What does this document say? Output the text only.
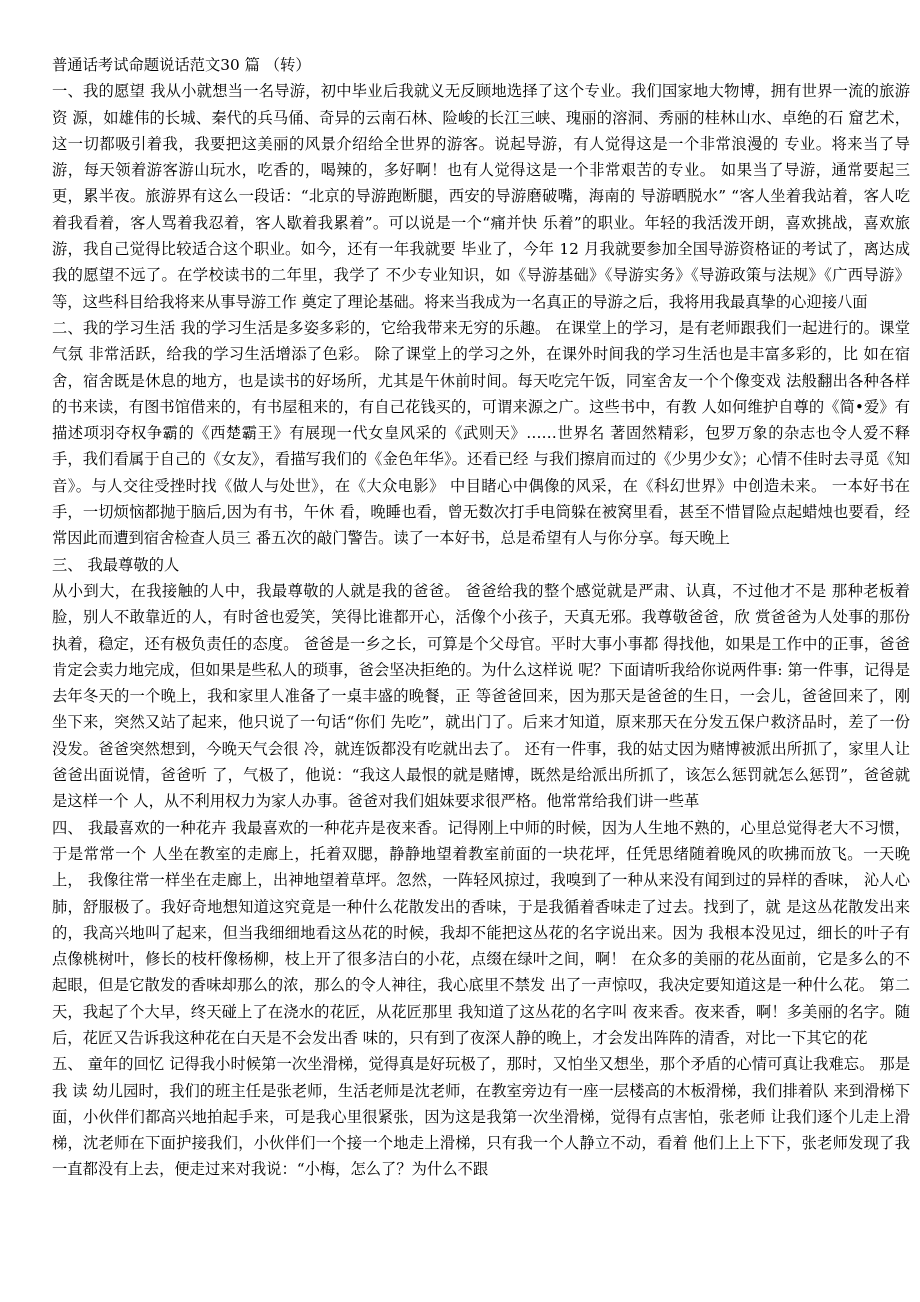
普通话考试命题说话范文30 篇 （转）

一、我的愿望 我从小就想当一名导游，初中毕业后我就义无反顾地选择了这个专业。我们国家地大物博，拥有世界一流的旅游资 源，如雄伟的长城、秦代的兵马俑、奇异的云南石林、险峻的长江三峡、瑰丽的溶洞、秀丽的桂林山水、卓绝的石 窟艺术，这一切都吸引着我，我要把这美丽的风景介绍给全世界的游客。说起导游，有人觉得这是一个非常浪漫的 专业。将来当了导游，每天领着游客游山玩水，吃香的，喝辣的，多好啊！也有人觉得这是一个非常艰苦的专业。 如果当了导游，通常要起三更，累半夜。旅游界有这么一段话：“北京的导游跑断腿，西安的导游磨破嘴，海南的 导游晒脱水” “客人坐着我站着，客人吃着我看着，客人骂着我忍着，客人歇着我累着”。可以说是一个“痛并快 乐着”的职业。年轻的我活泼开朗，喜欢挑战，喜欢旅游，我自己觉得比较适合这个职业。如今，还有一年我就要 毕业了，今年 12 月我就要参加全国导游资格证的考试了，离达成我的愿望不远了。在学校读书的二年里，我学了 不少专业知识，如《导游基础》《导游实务》《导游政策与法规》《广西导游》等，这些科目给我将来从事导游工作 奠定了理论基础。将来当我成为一名真正的导游之后，我将用我最真挚的心迎接八面

二、我的学习生活 我的学习生活是多姿多彩的，它给我带来无穷的乐趣。 在课堂上的学习，是有老师跟我们一起进行的。课堂气氛 非常活跃，给我的学习生活增添了色彩。 除了课堂上的学习之外，在课外时间我的学习生活也是丰富多彩的，比 如在宿舍，宿舍既是休息的地方，也是读书的好场所，尤其是午休前时间。每天吃完午饭，同室舍友一个个像变戏 法般翻出各种各样的书来读，有图书馆借来的，有书屋租来的，有自己花钱买的，可谓来源之广。这些书中，有教 人如何维护自尊的《简•爱》有描述项羽夺权争霸的《西楚霸王》有展现一代女皇风采的《武则天》……世界名 著固然精彩，包罗万象的杂志也令人爱不释手，我们看属于自己的《女友》，看描写我们的《金色年华》。还看已经 与我们擦肩而过的《少男少女》；心情不佳时去寻觅《知音》。与人交往受挫时找《做人与处世》，在《大众电影》 中目睹心中偶像的风采，在《科幻世界》中创造未来。 一本好书在手，一切烦恼都抛于脑后,因为有书，午休 看，晚睡也看，曾无数次打手电筒躲在被窝里看，甚至不惜冒险点起蜡烛也要看，经常因此而遭到宿舍检查人员三 番五次的敲门警告。读了一本好书，总是希望有人与你分享。每天晚上

三、 我最尊敬的人

从小到大，在我接触的人中，我最尊敬的人就是我的爸爸。 爸爸给我的整个感觉就是严肃、认真，不过他才不是 那种老板着脸，别人不敢靠近的人，有时爸也爱笑，笑得比谁都开心，活像个小孩子，天真无邪。我尊敬爸爸，欣 赏爸爸为人处事的那份执着，稳定，还有极负责任的态度。 爸爸是一乡之长，可算是个父母官。平时大事小事都 得找他，如果是工作中的正事，爸爸肯定会卖力地完成，但如果是些私人的琐事，爸会坚决拒绝的。为什么这样说 呢？下面请听我给你说两件事: 第一件事，记得是去年冬天的一个晚上，我和家里人准备了一桌丰盛的晚餐，正 等爸爸回来，因为那天是爸爸的生日，一会儿，爸爸回来了，刚坐下来，突然又站了起来，他只说了一句话“你们 先吃”，就出门了。后来才知道，原来那天在分发五保户救济品时，差了一份没发。爸爸突然想到，今晚天气会很 冷，就连饭都没有吃就出去了。 还有一件事，我的姑丈因为赌博被派出所抓了，家里人让爸爸出面说情，爸爸听 了，气极了，他说：“我这人最恨的就是赌博，既然是给派出所抓了，该怎么惩罚就怎么惩罚”，爸爸就是这样一个 人，从不利用权力为家人办事。爸爸对我们姐妹要求很严格。他常常给我们讲一些革

四、 我最喜欢的一种花卉 我最喜欢的一种花卉是夜来香。记得刚上中师的时候，因为人生地不熟的，心里总觉得老大不习惯，于是常常一个 人坐在教室的走廊上，托着双腮，静静地望着教室前面的一块花坪，任凭思绪随着晚风的吹拂而放飞。一天晚上， 我像往常一样坐在走廊上，出神地望着草坪。忽然，一阵轻风掠过，我嗅到了一种从来没有闻到过的异样的香味， 沁人心肺，舒服极了。我好奇地想知道这究竟是一种什么花散发出的香味，于是我循着香味走了过去。找到了，就 是这丛花散发出来的，我高兴地叫了起来，但当我细细地看这丛花的时候，我却不能把这丛花的名字说出来。因为 我根本没见过，细长的叶子有点像桃树叶，修长的枝杆像杨柳，枝上开了很多洁白的小花，点缀在绿叶之间，啊！ 在众多的美丽的花丛面前，它是多么的不起眼，但是它散发的香味却那么的浓，那么的令人神往，我心底里不禁发 出了一声惊叹，我决定要知道这是一种什么花。 第二天，我起了个大早，终天碰上了在浇水的花匠，从花匠那里 我知道了这丛花的名字叫 夜来香。夜来香，啊！多美丽的名字。随后，花匠又告诉我这种花在白天是不会发出香 味的，只有到了夜深人静的晚上，才会发出阵阵的清香，对比一下其它的花

五、 童年的回忆 记得我小时候第一次坐滑梯，觉得真是好玩极了，那时，又怕坐又想坐，那个矛盾的心情可真让我难忘。 那是我 读 幼儿园时，我们的班主任是张老师，生活老师是沈老师，在教室旁边有一座一层楼高的木板滑梯，我们排着队 来到滑梯下面，小伙伴们都高兴地拍起手来，可是我心里很紧张，因为这是我第一次坐滑梯，觉得有点害怕，张老师 让我们逐个儿走上滑梯，沈老师在下面护接我们，小伙伴们一个接一个地走上滑梯，只有我一个人静立不动，看着 他们上上下下，张老师发现了我一直都没有上去，便走过来对我说：“小梅，怎么了？为什么不跟
